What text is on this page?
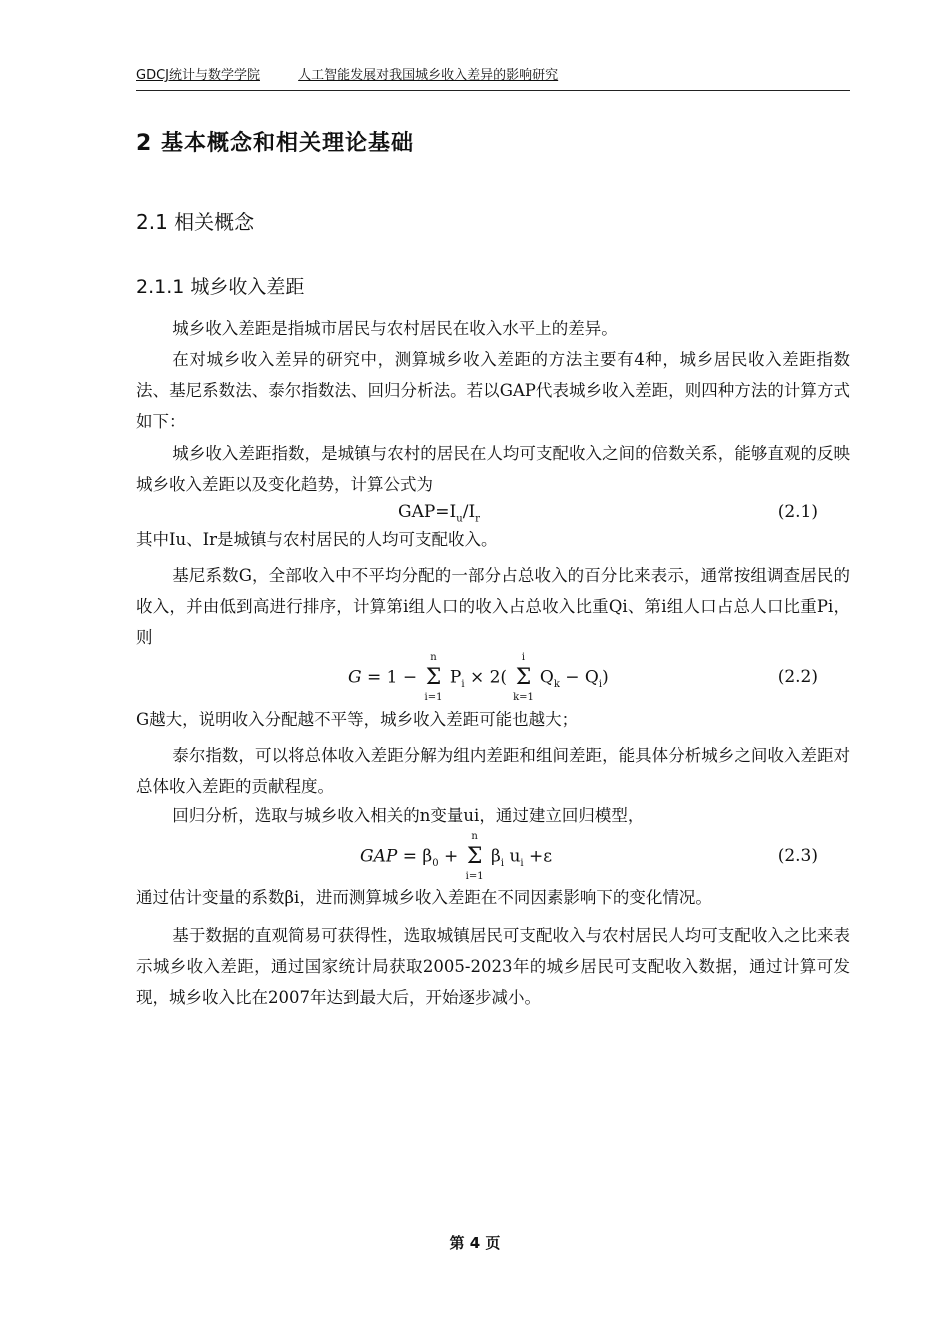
GDCJ统计与数学学院	人工智能发展对我国城乡收入差异的影响研究
2 基本概念和相关理论基础
2.1 相关概念
2.1.1 城乡收入差距
城乡收入差距是指城市居民与农村居民在收入水平上的差异。
在对城乡收入差异的研究中，测算城乡收入差距的方法主要有4种，城乡居民收入差距指数法、基尼系数法、泰尔指数法、回归分析法。若以GAP代表城乡收入差距，则四种方法的计算方式如下：
城乡收入差距指数，是城镇与农村的居民在人均可支配收入之间的倍数关系，能够直观的反映城乡收入差距以及变化趋势，计算公式为
$GAP=I_u/I_r$	(2.1)
其中Iu、Ir是城镇与农村居民的人均可支配收入。
基尼系数G，全部收入中不平均分配的一部分占总收入的百分比来表示，通常按组调查居民的收入，并由低到高进行排序，计算第i组人口的收入占总收入比重Qi、第i组人口占总人口比重Pi，则
G = 1 −
n
Σ
i=1
$P_i \times 2$(
i
Σ
k=1
$Q_k - Q_i$)	(2.2)
G越大，说明收入分配越不平等，城乡收入差距可能也越大；
泰尔指数，可以将总体收入差距分解为组内差距和组间差距，能具体分析城乡之间收入差距对总体收入差距的贡献程度。
回归分析，选取与城乡收入相关的n变量ui，通过建立回归模型，
GAP = $\beta_0$ +
n
Σ
i=1
$\beta_i$ $u_i +\varepsilon$	(2.3)
通过估计变量的系数βi，进而测算城乡收入差距在不同因素影响下的变化情况。
基于数据的直观简易可获得性，选取城镇居民可支配收入与农村居民人均可支配收入之比来表示城乡收入差距，通过国家统计局获取2005-2023年的城乡居民可支配收入数据，通过计算可发现，城乡收入比在2007年达到最大后，开始逐步减小。
第 4 页
